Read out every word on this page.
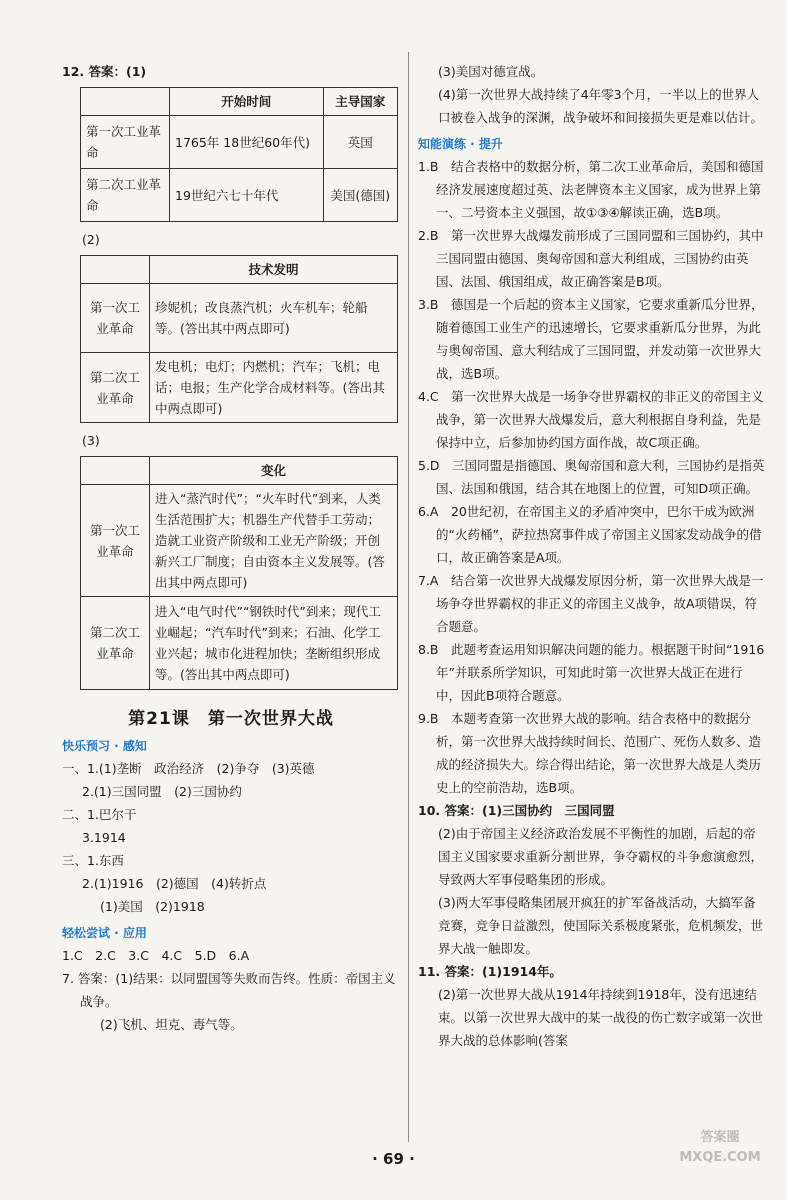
12. 答案：(1)

	开始时间	主导国家
第一次工业革命	1765年 18世纪60年代)	英国
第二次工业革命	19世纪六七十年代	美国(德国)

(2)

	技术发明
第一次工业革命	珍妮机；改良蒸汽机；火车机车；轮船等。(答出其中两点即可)
第二次工业革命	发电机；电灯；内燃机；汽车；飞机；电话；电报；生产化学合成材料等。(答出其中两点即可)

(3)

	变化
第一次工业革命	进入“蒸汽时代”；“火车时代”到来，人类生活范围扩大；机器生产代替手工劳动；造就工业资产阶级和工业无产阶级；开创新兴工厂制度；自由资本主义发展等。(答出其中两点即可)
第二次工业革命	进入“电气时代”“钢铁时代”到来；现代工业崛起；“汽车时代”到来；石油、化学工业兴起；城市化进程加快；垄断组织形成等。(答出其中两点即可)
第21课　第一次世界大战

快乐预习 · 感知

一、1.(1)垄断　政治经济　(2)争夺　(3)英德

2.(1)三国同盟　(2)三国协约

二、1.巴尔干

3.1914

三、1.东西

2.(1)1916　(2)德国　(4)转折点

(1)美国　(2)1918

轻松尝试 · 应用

1.C　2.C　3.C　4.C　5.D　6.A

7. 答案：(1)结果：以同盟国等失败而告终。性质：帝国主义战争。

(2)飞机、坦克、毒气等。

(3)美国对德宣战。

(4)第一次世界大战持续了4年零3个月，一半以上的世界人口被卷入战争的深渊，战争破坏和间接损失更是难以估计。

知能演练 · 提升

1.B　结合表格中的数据分析，第二次工业革命后，美国和德国经济发展速度超过英、法老牌资本主义国家，成为世界上第一、二号资本主义强国，故①③④解读正确，选B项。

2.B　第一次世界大战爆发前形成了三国同盟和三国协约，其中三国同盟由德国、奥匈帝国和意大利组成，三国协约由英国、法国、俄国组成，故正确答案是B项。

3.B　德国是一个后起的资本主义国家，它要求重新瓜分世界，随着德国工业生产的迅速增长，它要求重新瓜分世界，为此与奥匈帝国、意大利结成了三国同盟，并发动第一次世界大战，选B项。

4.C　第一次世界大战是一场争夺世界霸权的非正义的帝国主义战争，第一次世界大战爆发后，意大利根据自身利益，先是保持中立，后参加协约国方面作战，故C项正确。

5.D　三国同盟是指德国、奥匈帝国和意大利，三国协约是指英国、法国和俄国，结合其在地图上的位置，可知D项正确。

6.A　20世纪初，在帝国主义的矛盾冲突中，巴尔干成为欧洲的“火药桶”，萨拉热窝事件成了帝国主义国家发动战争的借口，故正确答案是A项。

7.A　结合第一次世界大战爆发原因分析，第一次世界大战是一场争夺世界霸权的非正义的帝国主义战争，故A项错误，符合题意。

8.B　此题考查运用知识解决问题的能力。根据题干时间“1916年”并联系所学知识，可知此时第一次世界大战正在进行中，因此B项符合题意。

9.B　本题考查第一次世界大战的影响。结合表格中的数据分析，第一次世界大战持续时间长、范围广、死伤人数多、造成的经济损失大。综合得出结论，第一次世界大战是人类历史上的空前浩劫，选B项。

10. 答案：(1)三国协约　三国同盟

(2)由于帝国主义经济政治发展不平衡性的加剧，后起的帝国主义国家要求重新分割世界，争夺霸权的斗争愈演愈烈，导致两大军事侵略集团的形成。

(3)两大军事侵略集团展开疯狂的扩军备战活动，大搞军备竞赛，竞争日益激烈，使国际关系极度紧张，危机频发，世界大战一触即发。

11. 答案：(1)1914年。

(2)第一次世界大战从1914年持续到1918年，没有迅速结束。以第一次世界大战中的某一战役的伤亡数字或第一次世界大战的总体影响(答案

· 69 ·
答案圈 MXQE.COM
